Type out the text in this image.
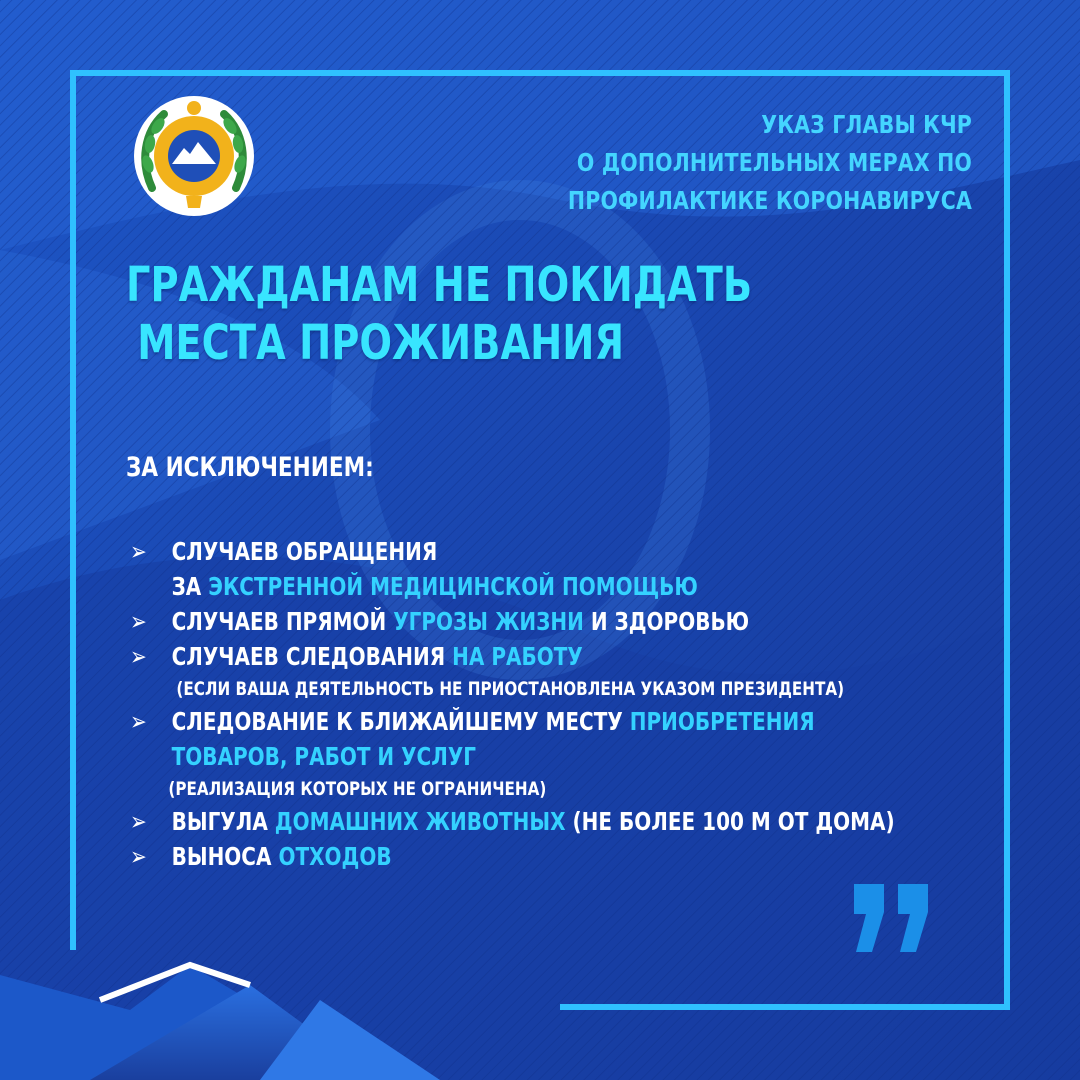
УКАЗ ГЛАВЫ КЧР
О ДОПОЛНИТЕЛЬНЫХ МЕРАХ ПО
ПРОФИЛАКТИКЕ КОРОНАВИРУСА
ГРАЖДАНАМ НЕ ПОКИДАТЬ
МЕСТА ПРОЖИВАНИЯ
ЗА ИСКЛЮЧЕНИЕМ:
➢ СЛУЧАЕВ ОБРАЩЕНИЯ
ЗА ЭКСТРЕННОЙ МЕДИЦИНСКОЙ ПОМОЩЬЮ
➢ СЛУЧАЕВ ПРЯМОЙ УГРОЗЫ ЖИЗНИ И ЗДОРОВЬЮ
➢ СЛУЧАЕВ СЛЕДОВАНИЯ НА РАБОТУ
(ЕСЛИ ВАША ДЕЯТЕЛЬНОСТЬ НЕ ПРИОСТАНОВЛЕНА УКАЗОМ ПРЕЗИДЕНТА)
➢ СЛЕДОВАНИЕ К БЛИЖАЙШЕМУ МЕСТУ ПРИОБРЕТЕНИЯ
ТОВАРОВ, РАБОТ И УСЛУГ
(РЕАЛИЗАЦИЯ КОТОРЫХ НЕ ОГРАНИЧЕНА)
➢ ВЫГУЛА ДОМАШНИХ ЖИВОТНЫХ (НЕ БОЛЕЕ 100 М ОТ ДОМА)
➢ ВЫНОСА ОТХОДОВ
